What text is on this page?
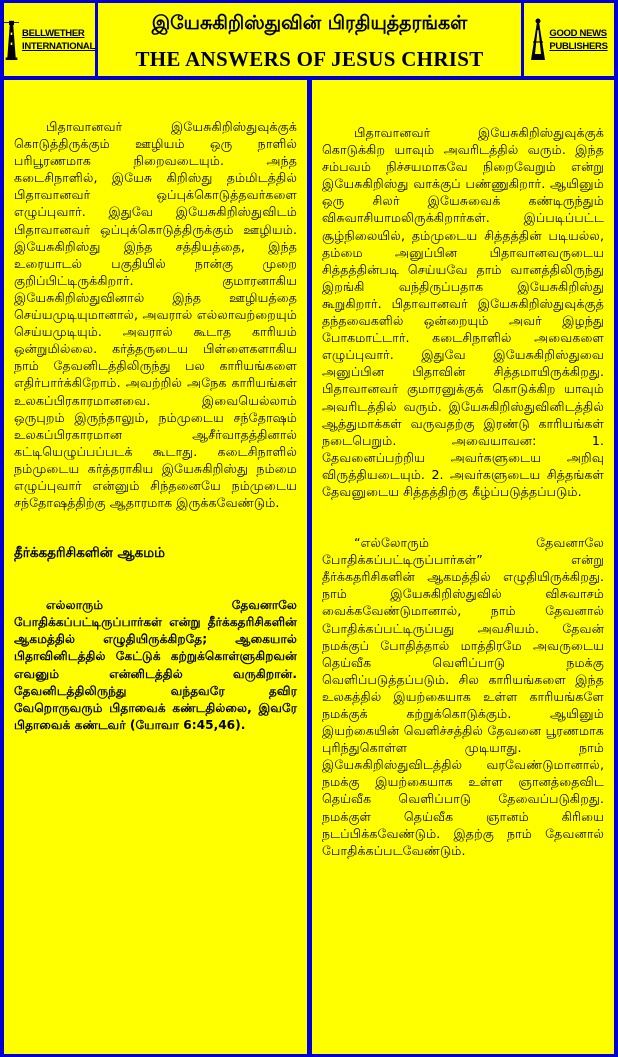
BELLWETHER
INTERNATIONAL
இயேசுகிறிஸ்துவின் பிரதியுத்தரங்கள்
THE ANSWERS OF JESUS CHRIST
GOOD NEWS
PUBLISHERS

பிதாவானவர் இயேசுகிறிஸ்துவுக்குக் கொடுத்திருக்கும் ஊழியம் ஒரு நாளில் பரிபூரணமாக நிறைவடையும். அந்த கடைசிநாளில், இயேசு கிறிஸ்து தம்மிடத்தில் பிதாவானவர் ஒப்புக்கொடுத்தவர்களை எழுப்புவார். இதுவே இயேசுகிறிஸ்துவிடம் பிதாவானவர் ஒப்புக்கொடுத்திருக்கும் ஊழியம். இயேசுகிறிஸ்து இந்த சத்தியத்தை, இந்த உரையாடல் பகுதியில் நான்கு முறை குறிப்பிட்டிருக்கிறார். குமாரனாகிய இயேசுகிறிஸ்துவினால் இந்த ஊழியத்தை செய்யமுடியுமானால், அவரால் எல்லாவற்றையும் செய்யமுடியும். அவரால் கூடாத காரியம் ஒன்றுமில்லை. கர்த்தருடைய பிள்ளைகளாகிய நாம் தேவனிடத்திலிருந்து பல காரியங்களை எதிர்பார்க்கிறோம். அவற்றில் அநேக காரியங்கள் உலகப்பிரகாரமானவை. இவையெல்லாம் ஒருபுறம் இருந்தாலும், நம்முடைய சந்தோஷம் உலகப்பிரகாரமான ஆசீர்வாதத்தினால் கட்டியெழுப்பப்படக் கூடாது. கடைசிநாளில் நம்முடைய கர்த்தராகிய இயேசுகிறிஸ்து நம்மை எழுப்புவார் என்னும் சிந்தனையே நம்முடைய சந்தோஷத்திற்கு ஆதாரமாக இருக்கவேண்டும்.

தீர்க்கதரிசிகளின் ஆகமம்

எல்லாரும் தேவனாலே போதிக்கப்பட்டிருப்பார்கள் என்று தீர்க்கதரிசிகளின் ஆகமத்தில் எழுதியிருக்கிறதே; ஆகையால் பிதாவினிடத்தில் கேட்டுக் கற்றுக்கொள்ளுகிறவன் எவனும் என்னிடத்தில் வருகிறான். தேவனிடத்திலிருந்து வந்தவரே தவிர வேறொருவரும் பிதாவைக் கண்டதில்லை, இவரே பிதாவைக் கண்டவர் (யோவா 6:45,46).

பிதாவானவர் இயேசுகிறிஸ்துவுக்குக் கொடுக்கிற யாவும் அவரிடத்தில் வரும். இந்த சம்பவம் நிச்சயமாகவே நிறைவேறும் என்று இயேசுகிறிஸ்து வாக்குப் பண்ணுகிறார். ஆயினும் ஒரு சிலர் இயேசுவைக் கண்டிருந்தும் விசுவாசியாமலிருக்கிறார்கள். இப்படிப்பட்ட சூழ்நிலையில், தம்முடைய சித்தத்தின் படியல்ல, தம்மை அனுப்பின பிதாவானவருடைய சித்தத்தின்படி செய்யவே தாம் வானத்திலிருந்து இறங்கி வந்திருப்பதாக இயேசுகிறிஸ்து கூறுகிறார். பிதாவானவர் இயேசுகிறிஸ்துவுக்குத் தந்தவைகளில் ஒன்றையும் அவர் இழந்து போகமாட்டார். கடைசிநாளில் அவைகளை எழுப்புவார். இதுவே இயேசுகிறிஸ்துவை அனுப்பின பிதாவின் சித்தமாயிருக்கிறது. பிதாவானவர் குமாரனுக்குக் கொடுக்கிற யாவும் அவரிடத்தில் வரும். இயேசுகிறிஸ்துவினிடத்தில் ஆத்துமாக்கள் வருவதற்கு இரண்டு காரியங்கள் நடைபெறும். அவையாவன: 1. தேவனைப்பற்றிய அவர்களுடைய அறிவு விருத்தியடையும். 2. அவர்களுடைய சித்தங்கள் தேவனுடைய சித்தத்திற்கு கீழ்ப்படுத்தப்படும்.

“எல்லோரும் தேவனாலே போதிக்கப்பட்டிருப்பார்கள்” என்று தீர்க்கதரிசிகளின் ஆகமத்தில் எழுதியிருக்கிறது. நாம் இயேசுகிறிஸ்துவில் விசுவாசம் வைக்கவேண்டுமானால், நாம் தேவனால் போதிக்கப்பட்டிருப்பது அவசியம். தேவன் நமக்குப் போதித்தால் மாத்திரமே அவருடைய தெய்வீக வெளிப்பாடு நமக்கு வெளிப்படுத்தப்படும். சில காரியங்களை இந்த உலகத்தில் இயற்கையாக உள்ள காரியங்களே நமக்குக் கற்றுக்கொடுக்கும். ஆயினும் இயற்கையின் வெளிச்சத்தில் தேவனை பூரணமாக புரிந்துகொள்ள முடியாது. நாம் இயேசுகிறிஸ்துவிடத்தில் வரவேண்டுமானால், நமக்கு இயற்கையாக உள்ள ஞானத்தைவிட தெய்வீக வெளிப்பாடு தேவைப்படுகிறது. நமக்குள் தெய்வீக ஞானம் கிரியை நடப்பிக்கவேண்டும். இதற்கு நாம் தேவனால் போதிக்கப்படவேண்டும்.
